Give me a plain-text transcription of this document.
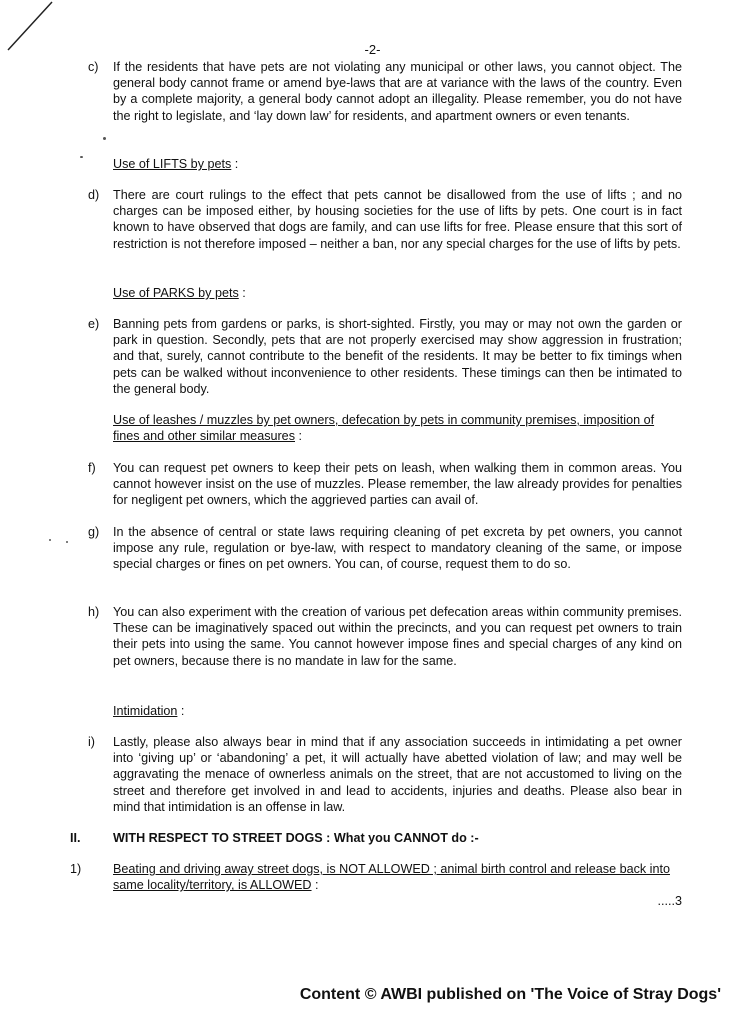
-2-
c) If the residents that have pets are not violating any municipal or other laws, you cannot object. The general body cannot frame or amend bye-laws that are at variance with the laws of the country. Even by a complete majority, a general body cannot adopt an illegality. Please remember, you do not have the right to legislate, and ‘lay down law’ for residents, and apartment owners or even tenants.
Use of LIFTS by pets :
d) There are court rulings to the effect that pets cannot be disallowed from the use of lifts ; and no charges can be imposed either, by housing societies for the use of lifts by pets. One court is in fact known to have observed that dogs are family, and can use lifts for free. Please ensure that this sort of restriction is not therefore imposed – neither a ban, nor any special charges for the use of lifts by pets.
Use of PARKS by pets :
e) Banning pets from gardens or parks, is short-sighted. Firstly, you may or may not own the garden or park in question. Secondly, pets that are not properly exercised may show aggression in frustration; and that, surely, cannot contribute to the benefit of the residents. It may be better to fix timings when pets can be walked without inconvenience to other residents. These timings can then be intimated to the general body.
Use of leashes / muzzles by pet owners, defecation by pets in community premises, imposition of fines and other similar measures :
f) You can request pet owners to keep their pets on leash, when walking them in common areas. You cannot however insist on the use of muzzles. Please remember, the law already provides for penalties for negligent pet owners, which the aggrieved parties can avail of.
g) In the absence of central or state laws requiring cleaning of pet excreta by pet owners, you cannot impose any rule, regulation or bye-law, with respect to mandatory cleaning of the same, or impose special charges or fines on pet owners. You can, of course, request them to do so.
h) You can also experiment with the creation of various pet defecation areas within community premises. These can be imaginatively spaced out within the precincts, and you can request pet owners to train their pets into using the same. You cannot however impose fines and special charges of any kind on pet owners, because there is no mandate in law for the same.
Intimidation :
i) Lastly, please also always bear in mind that if any association succeeds in intimidating a pet owner into ‘giving up’ or ‘abandoning’ a pet, it will actually have abetted violation of law; and may well be aggravating the menace of ownerless animals on the street, that are not accustomed to living on the street and therefore get involved in and lead to accidents, injuries and deaths. Please also bear in mind that intimidation is an offense in law.
II.	WITH RESPECT TO STREET DOGS : What you CANNOT do :-
1)	Beating and driving away street dogs, is NOT ALLOWED ; animal birth control and release back into same locality/territory, is ALLOWED :
.....3
Content © AWBI published on 'The Voice of Stray Dogs'
